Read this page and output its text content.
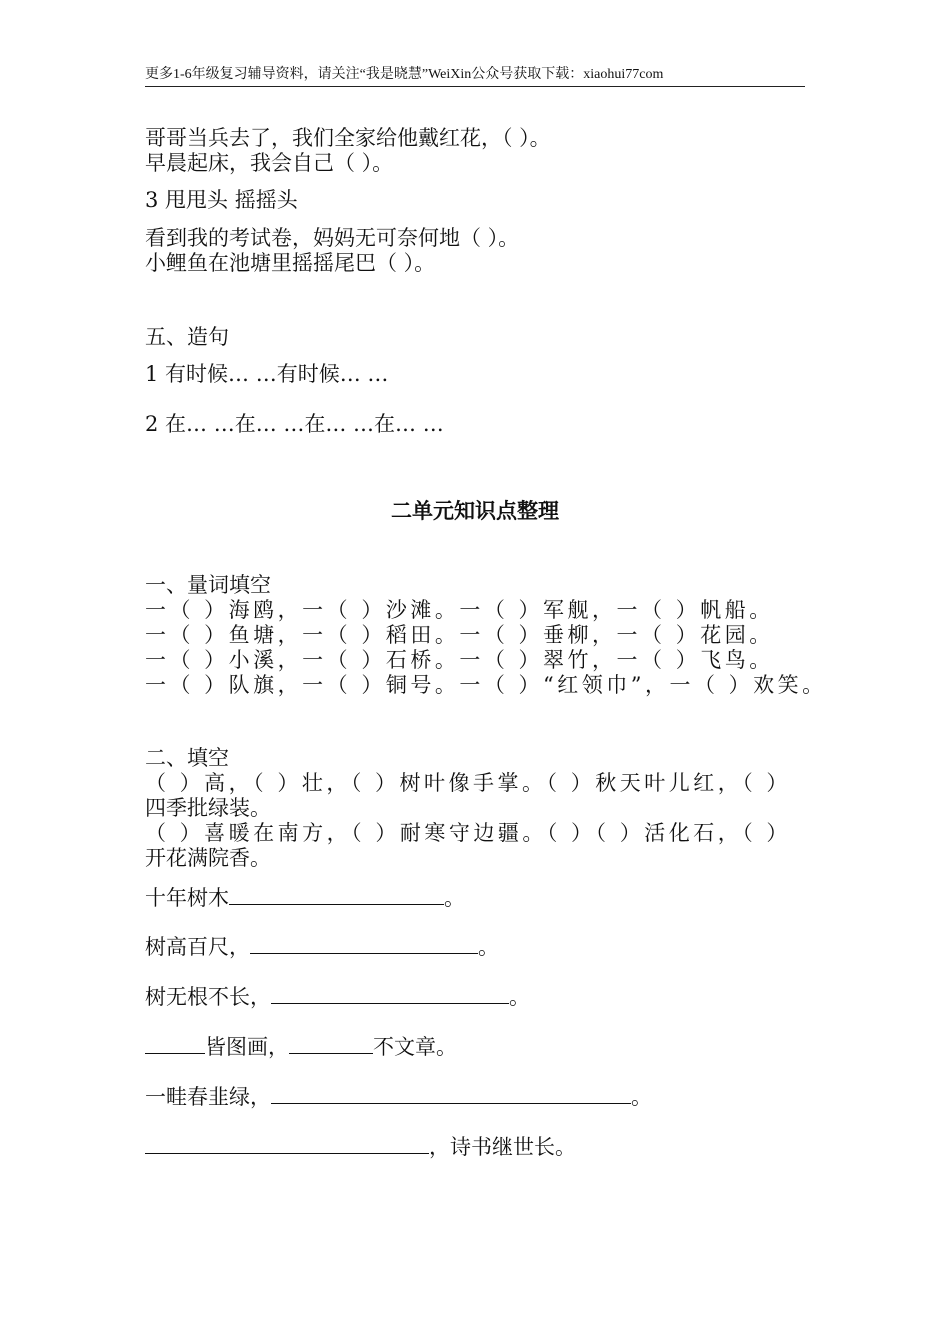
更多1-6年级复习辅导资料，请关注“我是晓慧”WeiXin公众号获取下载：xiaohui77com
哥哥当兵去了，我们全家给他戴红花，（ ）。
早晨起床，我会自己（ ）。
3 甩甩头 摇摇头
看到我的考试卷，妈妈无可奈何地（ ）。
小鲤鱼在池塘里摇摇尾巴（ ）。
五、造句
1 有时候… …有时候… …
2 在… …在… …在… …在… …
二单元知识点整理
一、量词填空
一（ ）海鸥，一（ ）沙滩。一（ ）军舰，一（ ）帆船。
一（ ）鱼塘，一（ ）稻田。一（ ）垂柳，一（ ）花园。
一（ ）小溪，一（ ）石桥。一（ ）翠竹，一（ ）飞鸟。
一（ ）队旗，一（ ）铜号。一（ ）“红领巾”，一（ ）欢笑。
二、填空
（ ）高，（ ）壮，（ ）树叶像手掌。（ ）秋天叶儿红，（ ）
四季批绿装。
（ ）喜暖在南方，（ ）耐寒守边疆。（ ）（ ）活化石，（ ）
开花满院香。
十年树木	。
树高百尺，	。
树无根不长，	。
皆图画，	不文章。
一畦春韭绿，	。
，诗书继世长。
